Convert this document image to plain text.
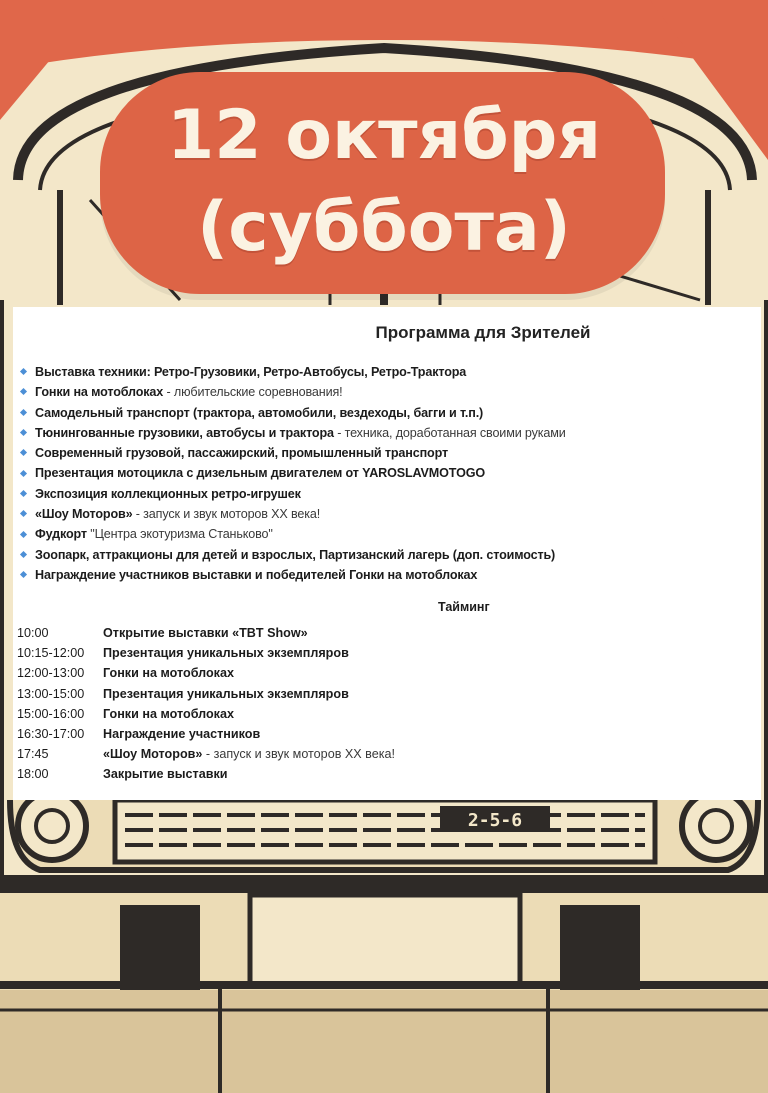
2-5-6
12 октября
(суббота)
Программа для Зрителей
Выставка техники: Ретро-Грузовики, Ретро-Автобусы, Ретро-Трактора
Гонки на мотоблоках - любительские соревнования!
Самодельный транспорт (трактора, автомобили, вездеходы, багги и т.п.)
Тюнингованные грузовики, автобусы и трактора - техника, доработанная своими руками
Современный грузовой, пассажирский, промышленный транспорт
Презентация мотоцикла с дизельным двигателем от YAROSLAVMOTOGO
Экспозиция коллекционных ретро-игрушек
«Шоу Моторов» - запуск и звук моторов XX века!
Фудкорт "Центра экотуризма Станьково"
Зоопарк, аттракционы для детей и взрослых, Партизанский лагерь (доп. стоимость)
Награждение участников выставки и победителей Гонки на мотоблоках
Тайминг
10:00	Открытие выставки «TBT Show»
10:15-12:00 Презентация уникальных экземпляров
12:00-13:00 Гонки на мотоблоках
13:00-15:00 Презентация уникальных экземпляров
15:00-16:00 Гонки на мотоблоках
16:30-17:00 Награждение участников
17:45	«Шоу Моторов» - запуск и звук моторов XX века!
18:00	Закрытие выставки
